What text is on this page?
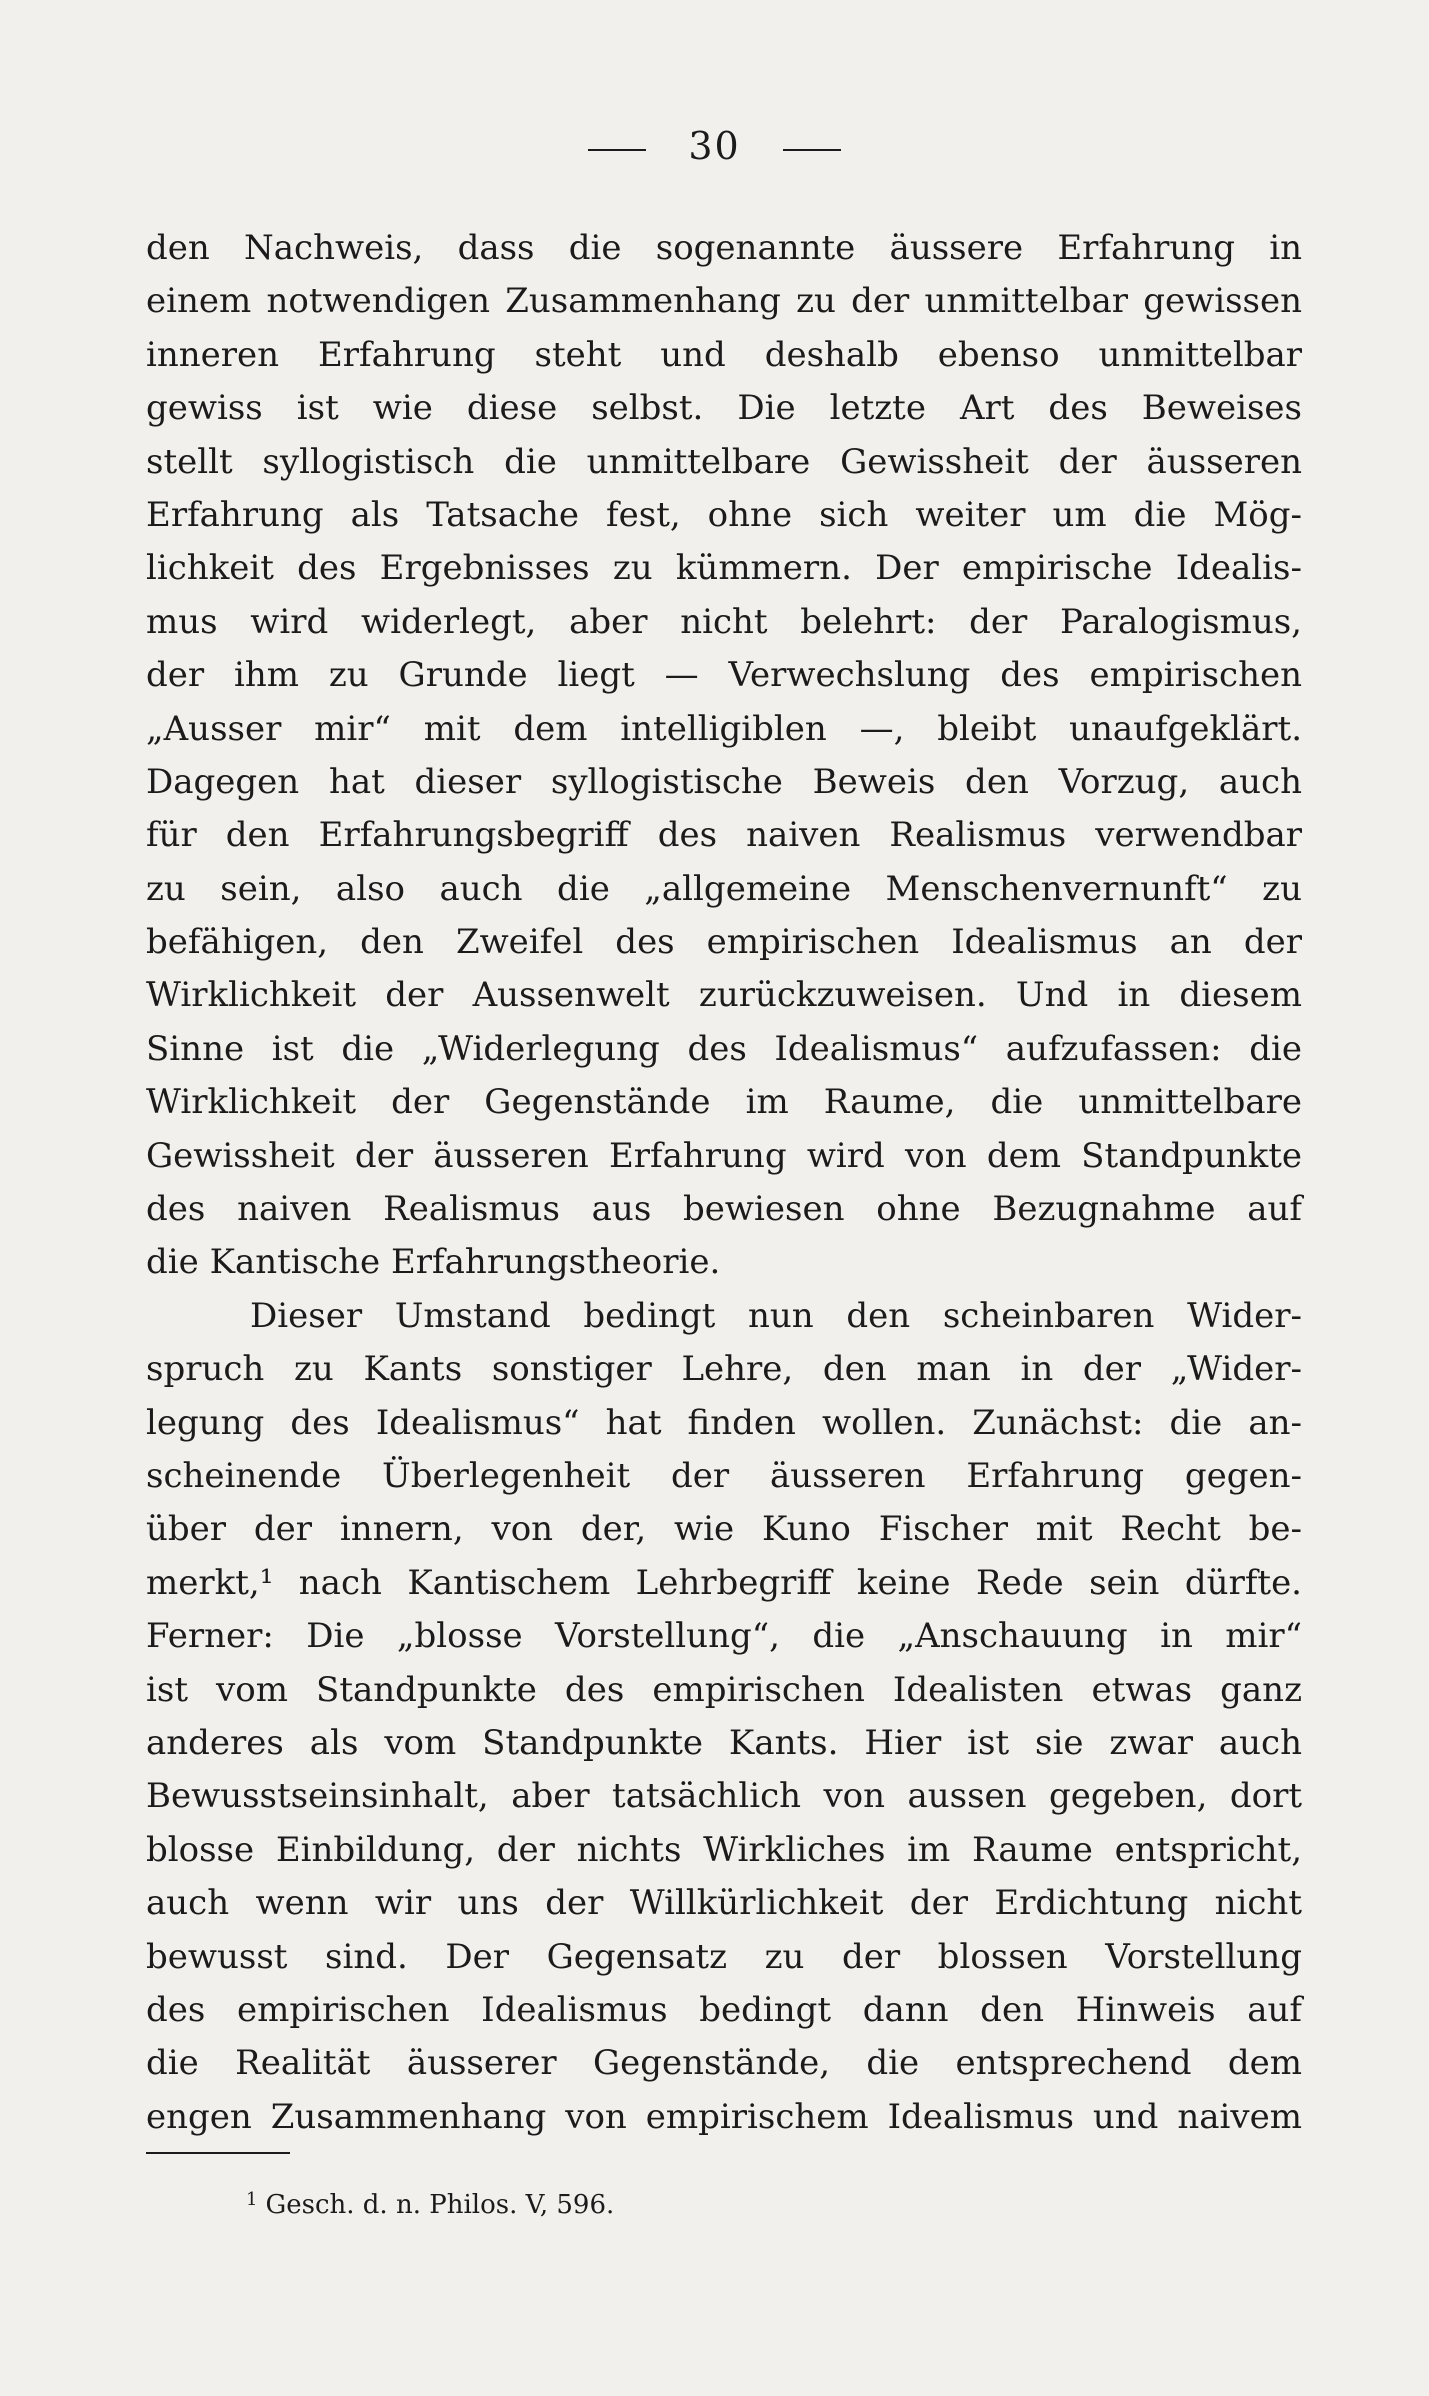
30
den Nachweis, dass die sogenannte äussere Erfahrung in
einem notwendigen Zusammenhang zu der unmittelbar gewissen
inneren Erfahrung steht und deshalb ebenso unmittelbar
gewiss ist wie diese selbst. Die letzte Art des Beweises
stellt syllogistisch die unmittelbare Gewissheit der äusseren
Erfahrung als Tatsache fest, ohne sich weiter um die Mög-
lichkeit des Ergebnisses zu kümmern. Der empirische Idealis-
mus wird widerlegt, aber nicht belehrt: der Paralogismus,
der ihm zu Grunde liegt — Verwechslung des empirischen
„Ausser mir“ mit dem intelligiblen —, bleibt unaufgeklärt.
Dagegen hat dieser syllogistische Beweis den Vorzug, auch
für den Erfahrungsbegriff des naiven Realismus verwendbar
zu sein, also auch die „allgemeine Menschenvernunft“ zu
befähigen, den Zweifel des empirischen Idealismus an der
Wirklichkeit der Aussenwelt zurückzuweisen. Und in diesem
Sinne ist die „Widerlegung des Idealismus“ aufzufassen: die
Wirklichkeit der Gegenstände im Raume, die unmittelbare
Gewissheit der äusseren Erfahrung wird von dem Standpunkte
des naiven Realismus aus bewiesen ohne Bezugnahme auf
die Kantische Erfahrungstheorie.
Dieser Umstand bedingt nun den scheinbaren Wider-
spruch zu Kants sonstiger Lehre, den man in der „Wider-
legung des Idealismus“ hat finden wollen. Zunächst: die an-
scheinende Überlegenheit der äusseren Erfahrung gegen-
über der innern, von der, wie Kuno Fischer mit Recht be-
merkt,¹ nach Kantischem Lehrbegriff keine Rede sein dürfte.
Ferner: Die „blosse Vorstellung“, die „Anschauung in mir“
ist vom Standpunkte des empirischen Idealisten etwas ganz
anderes als vom Standpunkte Kants. Hier ist sie zwar auch
Bewusstseinsinhalt, aber tatsächlich von aussen gegeben, dort
blosse Einbildung, der nichts Wirkliches im Raume entspricht,
auch wenn wir uns der Willkürlichkeit der Erdichtung nicht
bewusst sind. Der Gegensatz zu der blossen Vorstellung
des empirischen Idealismus bedingt dann den Hinweis auf
die Realität äusserer Gegenstände, die entsprechend dem
engen Zusammenhang von empirischem Idealismus und naivem
$^1$ Gesch. d. n. Philos. V, 596.
